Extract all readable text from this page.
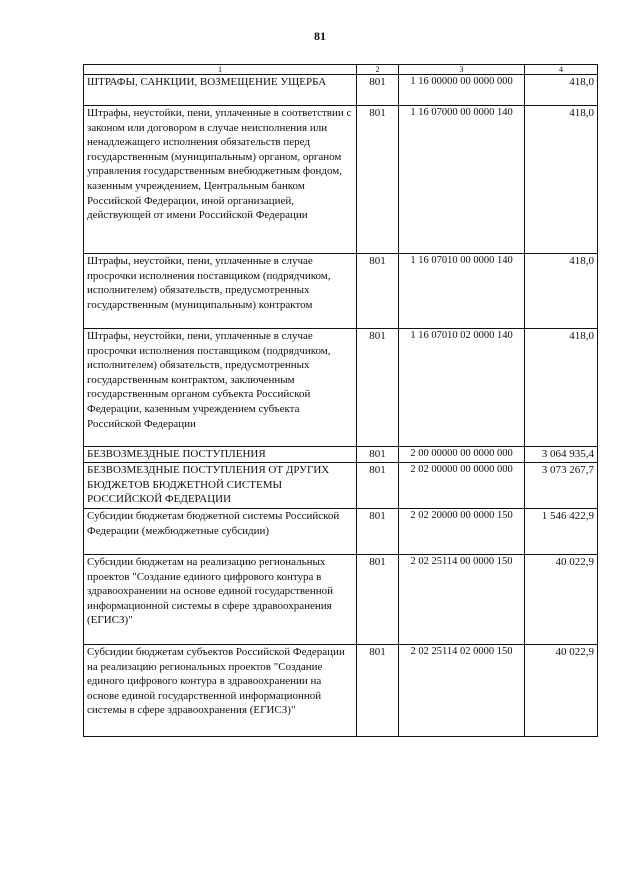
81
1	2	3	4
ШТРАФЫ, САНКЦИИ, ВОЗМЕЩЕНИЕ УЩЕРБА	801	1 16 00000 00 0000 000	418,0
Штрафы, неустойки, пени, уплаченные в соответствии с законом или договором в случае неисполнения или ненадлежащего исполнения обязательств перед государственным (муниципальным) органом, органом управления государственным внебюджетным фондом, казенным учреждением, Центральным банком Российской Федерации, иной организацией, действующей от имени Российской Федерации	801	1 16 07000 00 0000 140	418,0
Штрафы, неустойки, пени, уплаченные в случае просрочки исполнения поставщиком (подрядчиком, исполнителем) обязательств, предусмотренных государственным (муниципальным) контрактом	801	1 16 07010 00 0000 140	418,0
Штрафы, неустойки, пени, уплаченные в случае просрочки исполнения поставщиком (подрядчиком, исполнителем) обязательств, предусмотренных государственным контрактом, заключенным государственным органом субъекта Российской Федерации, казенным учреждением субъекта Российской Федерации	801	1 16 07010 02 0000 140	418,0
БЕЗВОЗМЕЗДНЫЕ ПОСТУПЛЕНИЯ	801	2 00 00000 00 0000 000	3 064 935,4
БЕЗВОЗМЕЗДНЫЕ ПОСТУПЛЕНИЯ ОТ ДРУГИХ БЮДЖЕТОВ БЮДЖЕТНОЙ СИСТЕМЫ РОССИЙСКОЙ ФЕДЕРАЦИИ	801	2 02 00000 00 0000 000	3 073 267,7
Субсидии бюджетам бюджетной системы Российской Федерации (межбюджетные субсидии)	801	2 02 20000 00 0000 150	1 546 422,9
Субсидии бюджетам на реализацию региональных проектов "Создание единого цифрового контура в здравоохранении на основе единой государственной информационной системы в сфере здравоохранения (ЕГИСЗ)"	801	2 02 25114 00 0000 150	40 022,9
Субсидии бюджетам субъектов Российской Федерации на реализацию региональных проектов "Создание единого цифрового контура в здравоохранении на основе единой государственной информационной системы в сфере здравоохранения (ЕГИСЗ)"	801	2 02 25114 02 0000 150	40 022,9
